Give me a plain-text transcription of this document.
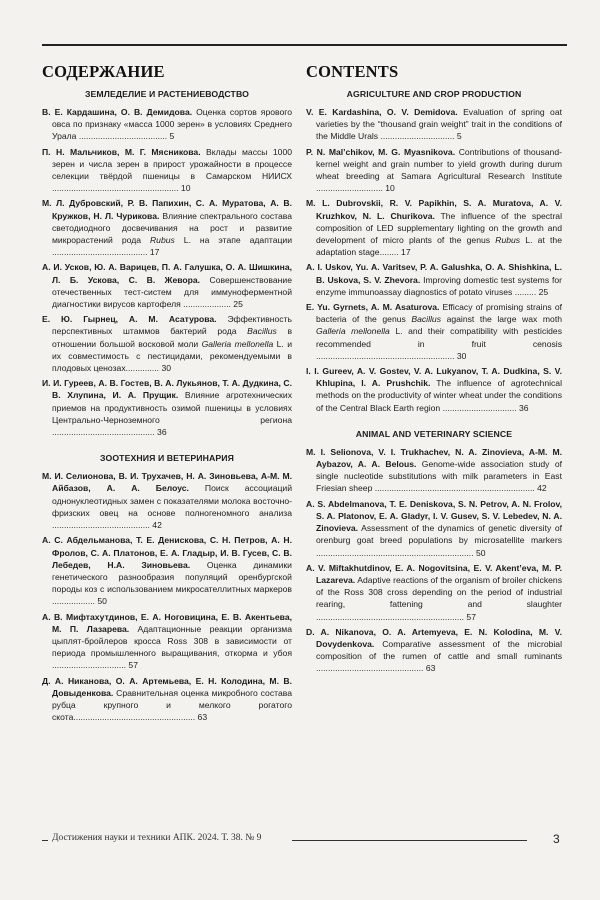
СОДЕРЖАНИЕ
ЗЕМЛЕДЕЛИЕ И РАСТЕНИЕВОДСТВО

В. Е. Кардашина, О. В. Демидова. Оценка сортов ярового овса по признаку «масса 1000 зерен» в условиях Среднего Урала ..................................... 5

П. Н. Мальчиков, М. Г. Мясникова. Вклады массы 1000 зерен и числа зерен в прирост урожайности в процессе селекции твёрдой пшеницы в Самарском НИИСХ ..................................................... 10

М. Л. Дубровский, Р. В. Папихин, С. А. Муратова, А. В. Кружков, Н. Л. Чурикова. Влияние спектрального состава светодиодного досвечивания на рост и развитие микрорастений рода Rubus L. на этапе адаптации ........................................ 17

А. И. Усков, Ю. А. Варицев, П. А. Галушка, О. А. Шишкина, Л. Б. Ускова, С. В. Жевора. Совершенствование отечественных тест-систем для иммуноферментной диагностики вирусов картофеля .................... 25

Е. Ю. Гырнец, А. М. Асатурова. Эффективность перспективных штаммов бактерий рода Bacillus в отношении большой восковой моли Galleria mellonella L. и их совместимость с пестицидами, рекомендуемыми в плодовых ценозах.............. 30

И. И. Гуреев, А. В. Гостев, В. А. Лукьянов, Т. А. Дудкина, С. В. Хлупина, И. А. Прущик. Влияние агротехнических приемов на продуктивность озимой пшеницы в условиях Центрально-Черноземного региона ........................................... 36

ЗООТЕХНИЯ И ВЕТЕРИНАРИЯ

М. И. Селионова, В. И. Трухачев, Н. А. Зиновьева, А-М. М. Айбазов, А. А. Белоус. Поиск ассоциаций однонуклеотидных замен с показателями молока восточно-фризских овец на основе полногеномного анализа ......................................... 42

А. С. Абдельманова, Т. Е. Денискова, С. Н. Петров, А. Н. Фролов, С. А. Платонов, Е. А. Гладыр, И. В. Гусев, С. В. Лебедев, Н.А. Зиновьева. Оценка динамики генетического разнообразия популяций оренбургской породы коз с использованием микросателлитных маркеров .................. 50

А. В. Мифтахутдинов, Е. А. Ноговицина, Е. В. Акентьева, М. П. Лазарева. Адаптационные реакции организма цыплят-бройлеров кросса Ross 308 в зависимости от периода промышленного выращивания, откорма и убоя ............................... 57

Д. А. Никанова, О. А. Артемьева, Е. Н. Колодина, М. В. Довыденкова. Сравнительная оценка микробного состава рубца крупного и мелкого рогатого скота................................................... 63

CONTENTS
AGRICULTURE AND CROP PRODUCTION

V. E. Kardashina, O. V. Demidova. Evaluation of spring oat varieties by the “thousand grain weight” trait in the conditions of the Middle Urals ............................... 5

P. N. Mal’chikov, M. G. Myasnikova. Contributions of thousand-kernel weight and grain number to yield growth during durum wheat breeding at Samara Agricultural Research Institute ............................ 10

M. L. Dubrovskii, R. V. Papikhin, S. A. Muratova, A. V. Kruzhkov, N. L. Churikova. The influence of the spectral composition of LED supplementary lighting on the growth and development of micro plants of the genus Rubus L. at the adaptation stage........ 17

A. I. Uskov, Yu. A. Varitsev, P. A. Galushka, O. A. Shishkina, L. B. Uskova, S. V. Zhevora. Improving domestic test systems for enzyme immunoassay diagnostics of potato viruses ......... 25

E. Yu. Gyrnets, A. M. Asaturova. Efficacy of promising strains of bacteria of the genus Bacillus against the large wax moth Galleria mellonella L. and their compatibility with pesticides recommended in fruit cenosis .......................................................... 30

I. I. Gureev, A. V. Gostev, V. A. Lukyanov, T. A. Dudkina, S. V. Khlupina, I. A. Prushchik. The influence of agrotechnical methods on the productivity of winter wheat under the conditions of the Central Black Earth region ............................... 36

ANIMAL AND VETERINARY SCIENCE

M. I. Selionova, V. I. Trukhachev, N. A. Zinovieva, A-M. M. Aybazov, A. A. Belous. Genome-wide association study of single nucleotide substitutions with milk parameters in East Friesian sheep ................................................................... 42

A. S. Abdelmanova, T. E. Deniskova, S. N. Petrov, A. N. Frolov, S. A. Platonov, E. A. Gladyr, I. V. Gusev, S. V. Lebedev, N. A. Zinovieva. Assessment of the dynamics of genetic diversity of orenburg goat breed populations by microsatellite markers .................................................................. 50

A. V. Miftakhutdinov, E. A. Nogovitsina, E. V. Akent’eva, M. P. Lazareva. Adaptive reactions of the organism of broiler chickens of the Ross 308 cross depending on the period of industrial rearing, fattening and slaughter .............................................................. 57

D. A. Nikanova, O. A. Artemyeva, E. N. Kolodina, M. V. Dovydenkova. Comparative assessment of the microbial composition of the rumen of cattle and small ruminants ............................................. 63

Достижения науки и техники АПК. 2024. Т. 38. № 9	3
